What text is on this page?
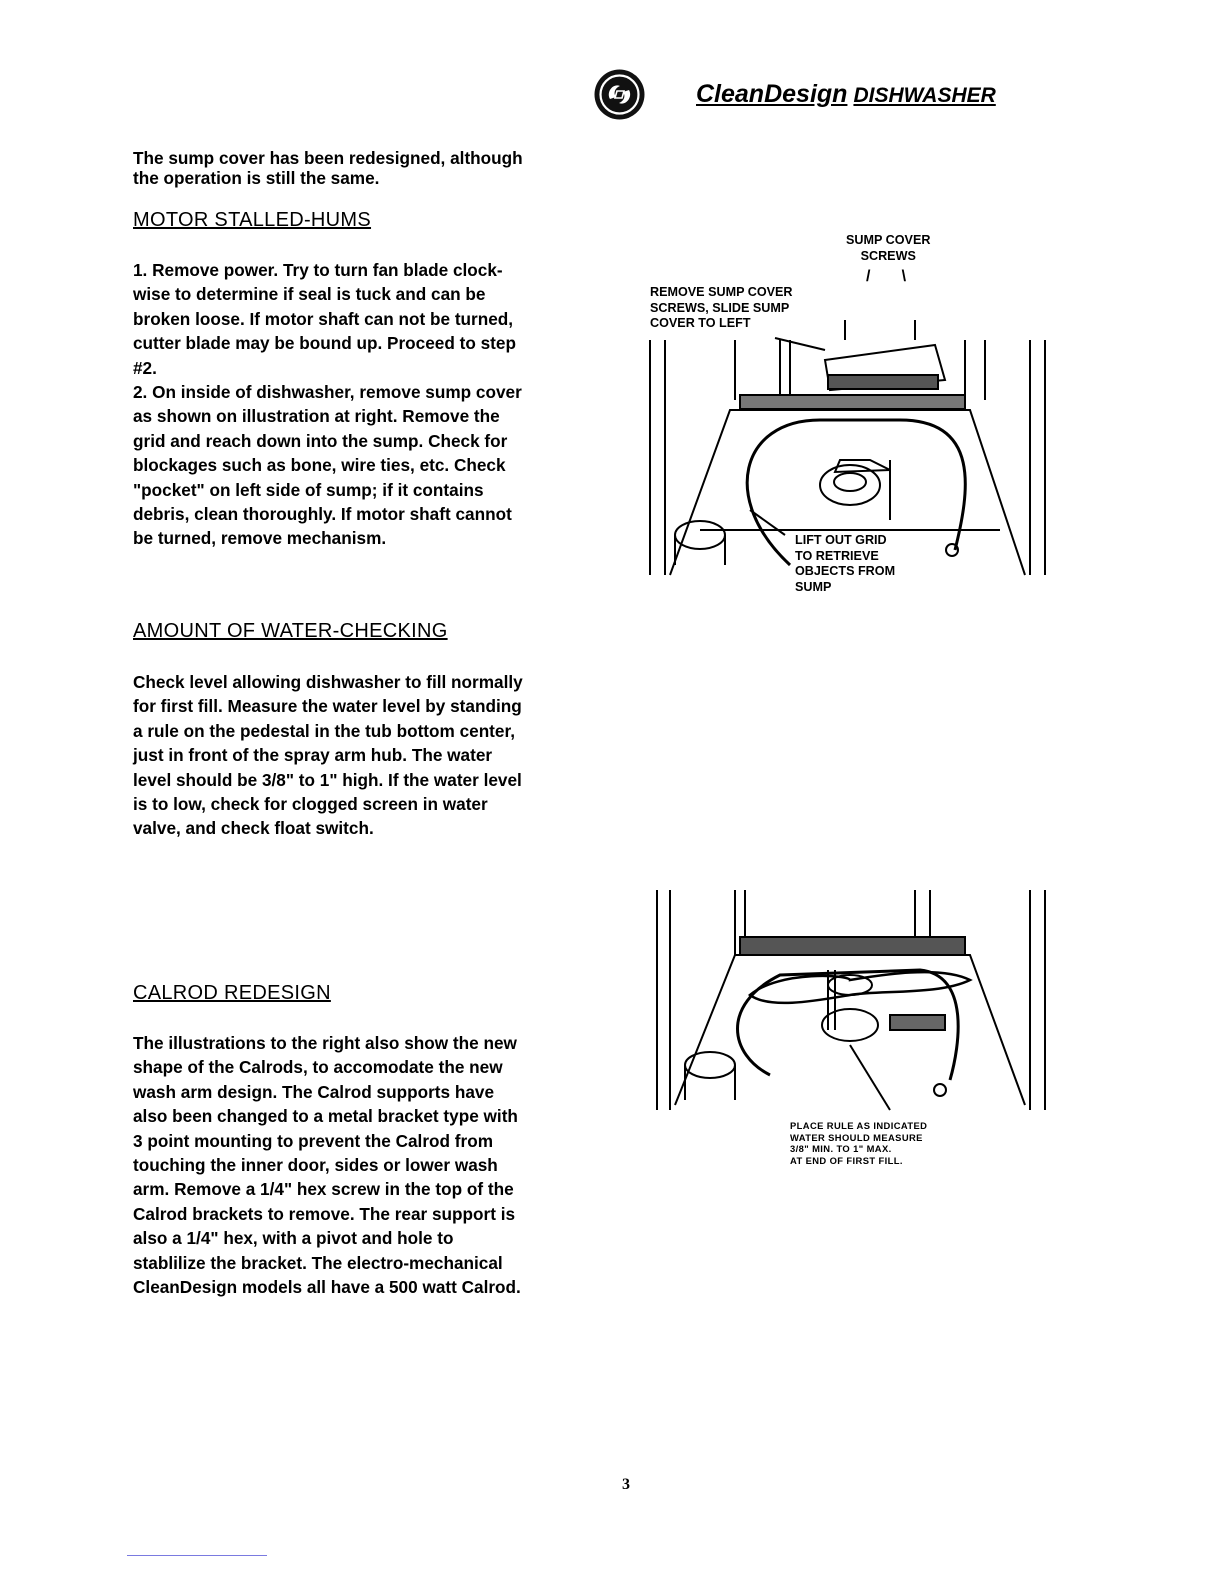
CleanDesign DISHWASHER
The sump cover has been redesigned, although
the operation is still the same.
MOTOR STALLED-HUMS
1. Remove power. Try to turn fan blade clock-
wise to determine if seal is tuck and can be
broken loose. If motor shaft can not be turned,
cutter blade may be bound up. Proceed to step
#2.
2. On inside of dishwasher, remove sump cover
as shown on illustration at right. Remove the
grid and reach down into the sump. Check for
blockages such as bone, wire ties, etc. Check
"pocket" on left side of sump; if it contains
debris, clean thoroughly. If motor shaft cannot
be turned, remove mechanism.
AMOUNT OF WATER-CHECKING
Check level allowing dishwasher to fill normally
for first fill. Measure the water level by standing
a rule on the pedestal in the tub bottom center,
just in front of the spray arm hub. The water
level should be 3/8" to 1" high. If the water level
is to low, check for clogged screen in water
valve, and check float switch.
CALROD REDESIGN
The illustrations to the right also show the new
shape of the Calrods, to accomodate the new
wash arm design. The Calrod supports have
also been changed to a metal bracket type with
3 point mounting to prevent the Calrod from
touching the inner door, sides or lower wash
arm. Remove a 1/4" hex screw in the top of the
Calrod brackets to remove. The rear support is
also a 1/4" hex, with a pivot and hole to
stablilize the bracket. The electro-mechanical
CleanDesign models all have a 500 watt Calrod.
SUMP COVER
SCREWS
/       \
REMOVE SUMP COVER
SCREWS, SLIDE SUMP
COVER TO LEFT
LIFT OUT GRID
TO RETRIEVE
OBJECTS FROM
SUMP
PLACE RULE AS INDICATED
WATER SHOULD MEASURE
3/8" MIN. TO 1" MAX.
AT END OF FIRST FILL.
3
